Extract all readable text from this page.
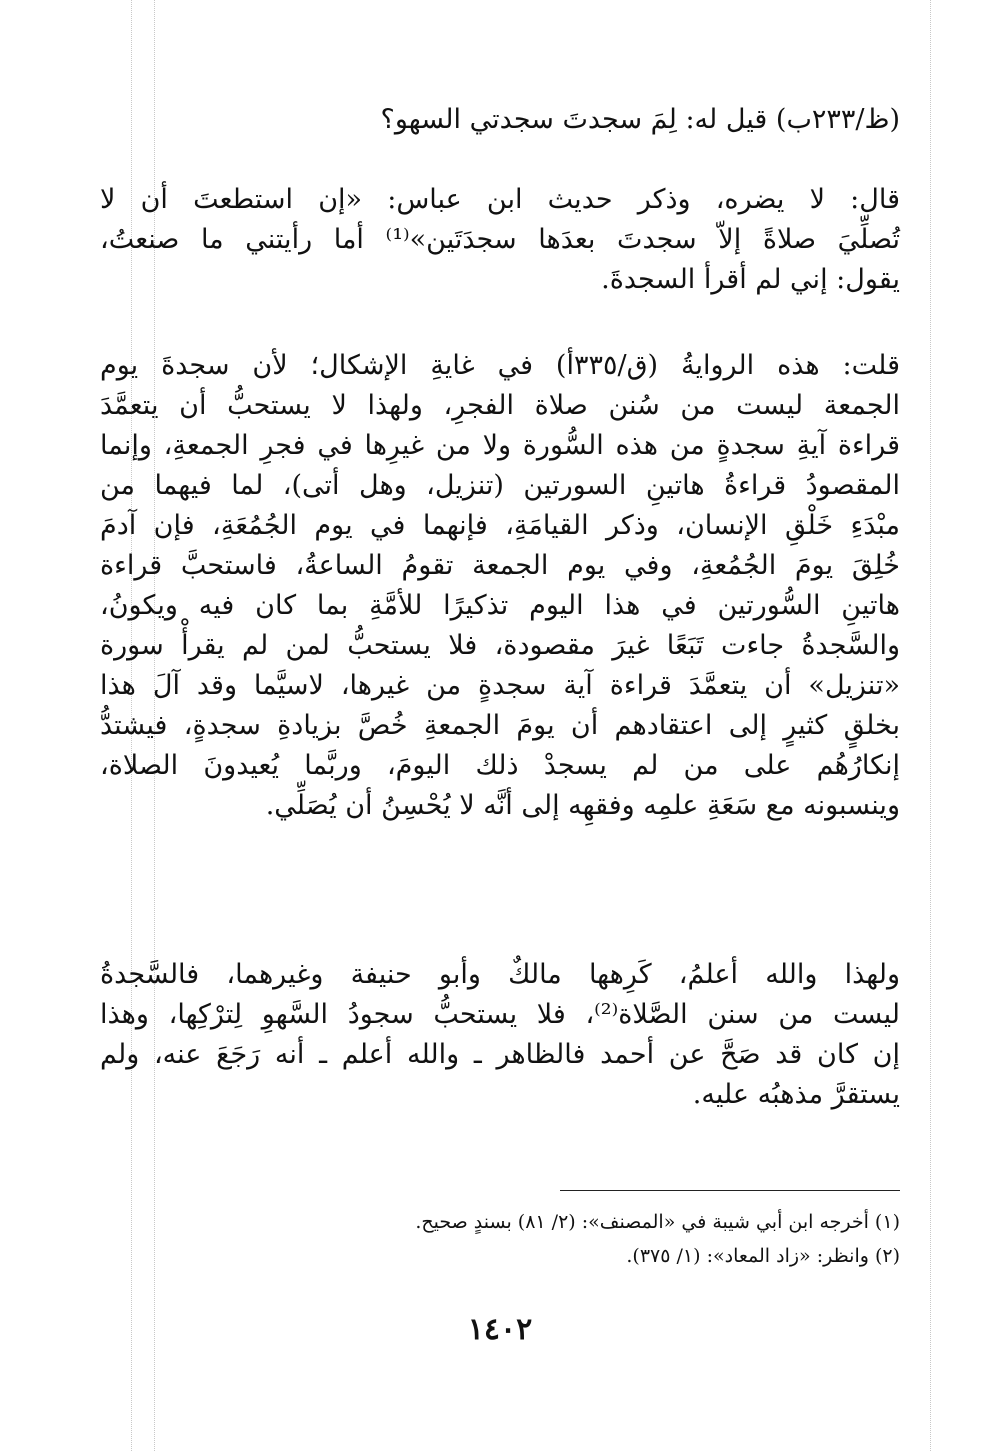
(ظ/٢٣٣ب) قيل له: لِمَ سجدتَ سجدتي السهو؟
قال: لا يضره، وذكر حديث ابن عباس: «إن استطعتَ أن لا
تُصلِّيَ صلاةً إلاّ سجدتَ بعدَها سجدَتَين»⁽¹⁾ أما رأيتني ما صنعتُ،
يقول: إني لم أقرأ السجدةَ.
قلت: هذه الروايةُ (ق/٣٣٥أ) في غايةِ الإشكال؛ لأن سجدةَ يوم
الجمعة ليست من سُنن صلاة الفجرِ، ولهذا لا يستحبُّ أن يتعمَّدَ
قراءة آيةِ سجدةٍ من هذه السُّورة ولا من غيرِها في فجرِ الجمعةِ، وإنما
المقصودُ قراءةُ هاتينِ السورتين (تنزيل، وهل أتى)، لما فيهما من
مبْدَءِ خَلْقِ الإنسان، وذكر القيامَةِ، فإنهما في يوم الجُمُعَةِ، فإن آدمَ
خُلِقَ يومَ الجُمُعةِ، وفي يوم الجمعة تقومُ الساعةُ، فاستحبَّ قراءة
هاتينِ السُّورتين في هذا اليوم تذكيرًا للأمَّةِ بما كان فيه ويكونُ،
والسَّجدةُ جاءت تَبَعًا غيرَ مقصودة، فلا يستحبُّ لمن لم يقرأْ سورة
«تنزيل» أن يتعمَّدَ قراءة آية سجدةٍ من غيرها، لاسيَّما وقد آلَ هذا
بخلقٍ كثيرٍ إلى اعتقادهم أن يومَ الجمعةِ خُصَّ بزيادةِ سجدةٍ، فيشتدُّ
إنكارُهُم على من لم يسجدْ ذلك اليومَ، وربَّما يُعيدونَ الصلاة،
وينسبونه مع سَعَةِ علمِه وفقهِه إلى أنَّه لا يُحْسِنُ أن يُصَلِّي.
ولهذا والله أعلمُ، كَرِهها مالكٌ وأبو حنيفة وغيرهما، فالسَّجدةُ
ليست من سنن الصَّلاة⁽²⁾، فلا يستحبُّ سجودُ السَّهوِ لِترْكِها، وهذا
إن كان قد صَحَّ عن أحمد فالظاهر ـ والله أعلم ـ أنه رَجَعَ عنه، ولم
يستقرَّ مذهبُه عليه.
(١) أخرجه ابن أبي شيبة في «المصنف»: (٢/ ٨١) بسندٍ صحيح.
(٢) وانظر: «زاد المعاد»: (١/ ٣٧٥).
١٤٠٢
